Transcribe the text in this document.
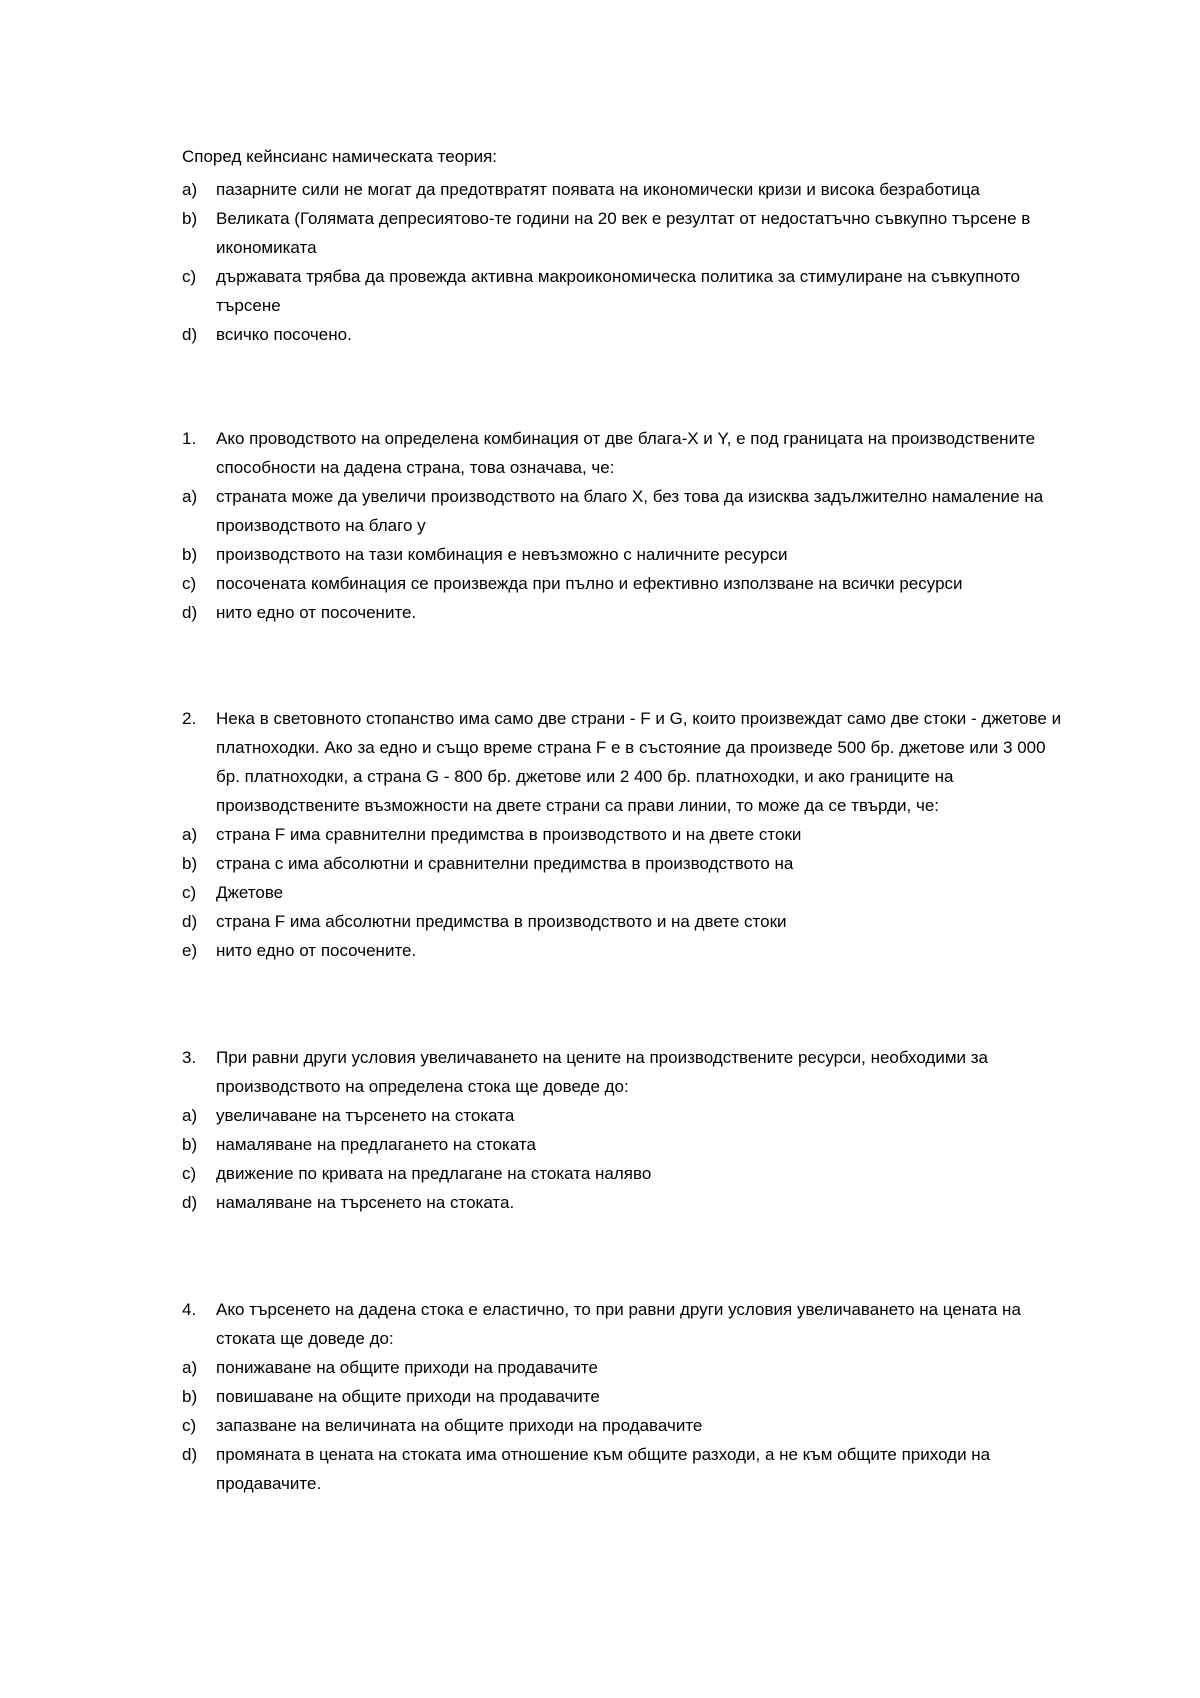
Според кейнсианс намическата теория:
a)	пазарните сили не могат да предотвратят появата на икономически кризи и висока безработица
b)	Великата (Голямата депресиятово-те години на 20 век е резултат от недостатъчно съвкупно търсене в икономиката
c)	държавата трябва да провежда активна макроикономическа политика за стимулиране на съвкупното търсене
d)	всичко посочено.
1.	Ако проводството на определена комбинация от две блага-X и Y, е под границата на производствените способности на дадена страна, това означава, че:
a)	страната може да увеличи производството на благо X, без това да изисква задължително намаление на производството на благо y
b)	производството на тази комбинация е невъзможно с наличните ресурси
c)	посочената комбинация се произвежда при пълно и ефективно използване на всички ресурси
d)	нито едно от посочените.
2.	Нека в световното стопанство има само две страни - F и G, които произвеждат само две стоки - джетове и платноходки. Ако за едно и също време страна F е в състояние да произведе 500 бр. джетове или 3 000 бр. платноходки, а страна G - 800 бр. джетове или 2 400 бр. платноходки, и ако границите на производствените възможности на двете страни са прави линии, то може да се твърди, че:
a)	страна F има сравнителни предимства в производството и на двете стоки
b)	страна с има абсолютни и сравнителни предимства в производството на
c)	Джетове
d)	страна F има абсолютни предимства в производството и на двете стоки
e)	нито едно от посочените.
3.	При равни други условия увеличаването на цените на производствените ресурси, необходими за производството на определена стока ще доведе до:
a)	увеличаване на търсенето на стоката
b)	намаляване на предлагането на стоката
c)	движение по кривата на предлагане на стоката наляво
d)	намаляване на търсенето на стоката.
4.	Ако търсенето на дадена стока е еластично, то при равни други условия увеличаването на цената на стоката ще доведе до:
a)	понижаване на общите приходи на продавачите
b)	повишаване на общите приходи на продавачите
c)	запазване на величината на общите приходи на продавачите
d)	промяната в цената на стоката има отношение към общите разходи, а не към общите приходи на продавачите.
